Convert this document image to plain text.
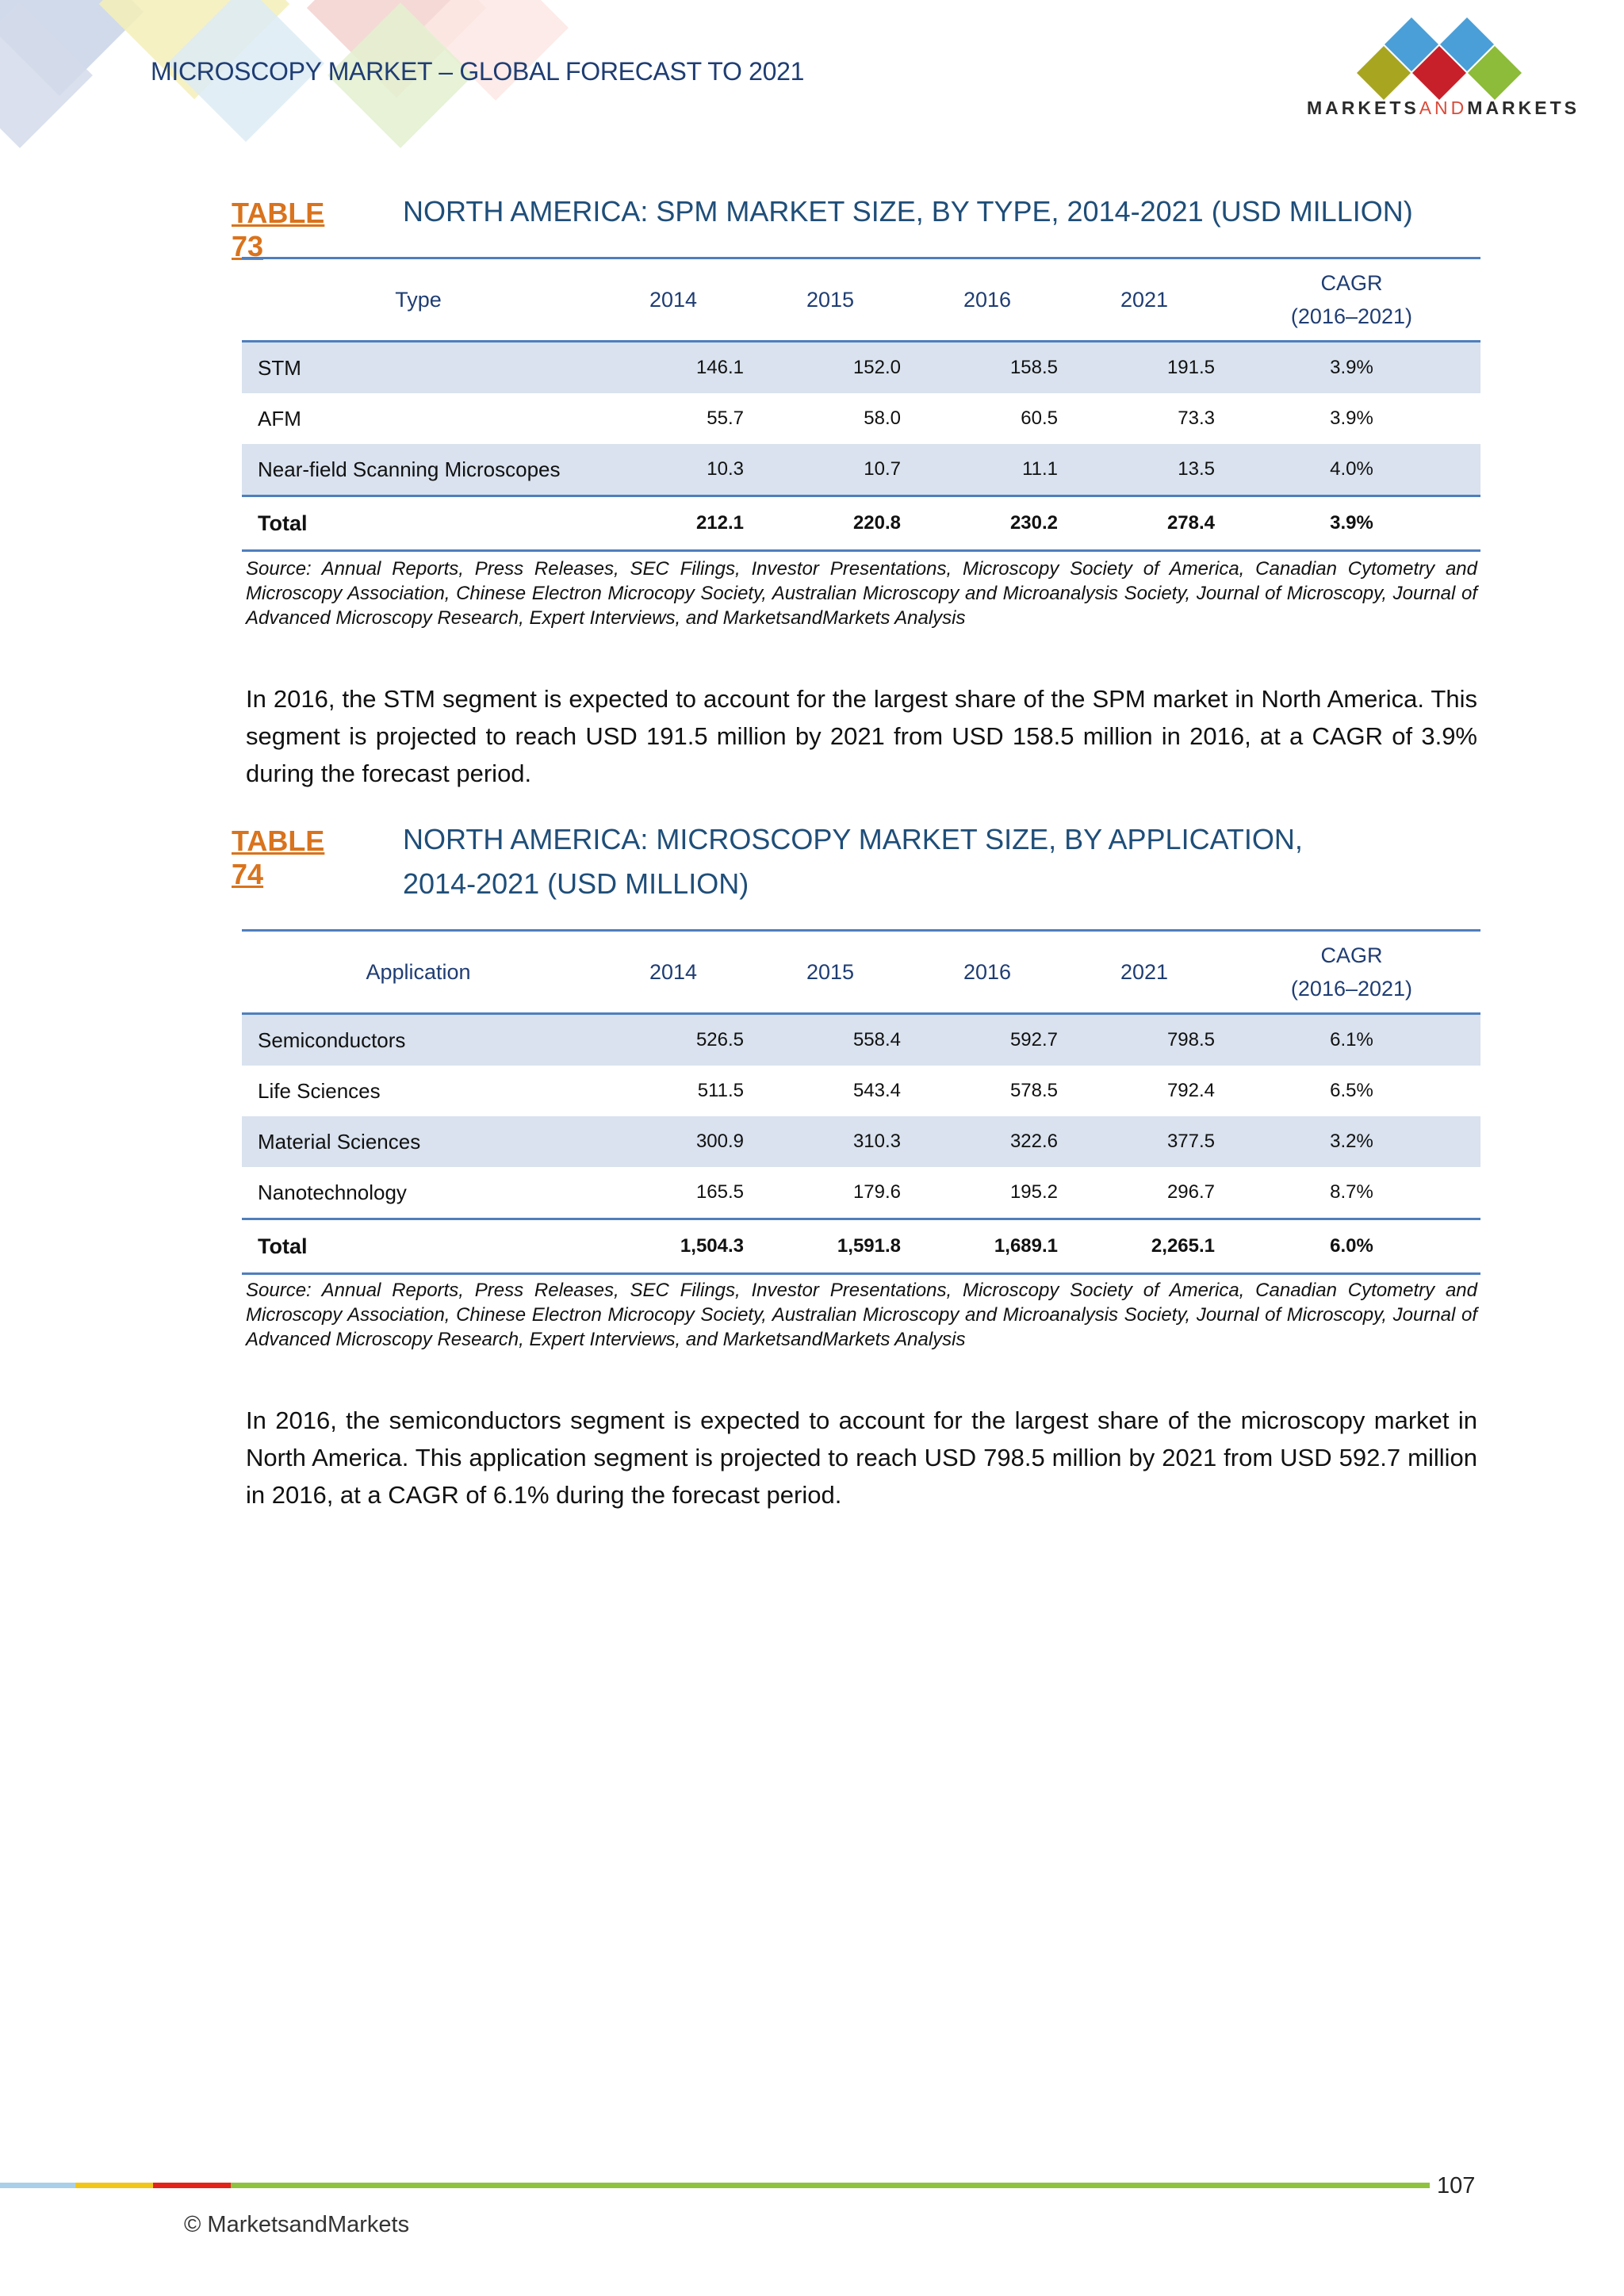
MICROSCOPY MARKET – GLOBAL FORECAST TO 2021
MARKETSANDMARKETS
TABLE 73
NORTH AMERICA: SPM MARKET SIZE, BY TYPE, 2014-2021 (USD MILLION)
Type	2014	2015	2016	2021	CAGR
(2016–2021)
STM	146.1	152.0	158.5	191.5	3.9%
AFM	55.7	58.0	60.5	73.3	3.9%
Near-field Scanning Microscopes	10.3	10.7	11.1	13.5	4.0%
Total	212.1	220.8	230.2	278.4	3.9%
Source: Annual Reports, Press Releases, SEC Filings, Investor Presentations, Microscopy Society of America, Canadian Cytometry and Microscopy Association, Chinese Electron Microcopy Society, Australian Microscopy and Microanalysis Society, Journal of Microscopy, Journal of Advanced Microscopy Research, Expert Interviews, and MarketsandMarkets Analysis
In 2016, the STM segment is expected to account for the largest share of the SPM market in North America. This segment is projected to reach USD 191.5 million by 2021 from USD 158.5 million in 2016, at a CAGR of 3.9% during the forecast period.
TABLE 74
NORTH AMERICA: MICROSCOPY MARKET SIZE, BY APPLICATION,
2014-2021 (USD MILLION)
Application	2014	2015	2016	2021	CAGR
(2016–2021)
Semiconductors	526.5	558.4	592.7	798.5	6.1%
Life Sciences	511.5	543.4	578.5	792.4	6.5%
Material Sciences	300.9	310.3	322.6	377.5	3.2%
Nanotechnology	165.5	179.6	195.2	296.7	8.7%
Total	1,504.3	1,591.8	1,689.1	2,265.1	6.0%
Source: Annual Reports, Press Releases, SEC Filings, Investor Presentations, Microscopy Society of America, Canadian Cytometry and Microscopy Association, Chinese Electron Microcopy Society, Australian Microscopy and Microanalysis Society, Journal of Microscopy, Journal of Advanced Microscopy Research, Expert Interviews, and MarketsandMarkets Analysis
In 2016, the semiconductors segment is expected to account for the largest share of the microscopy market in North America. This application segment is projected to reach USD 798.5 million by 2021 from USD 592.7 million in 2016, at a CAGR of 6.1% during the forecast period.
107
© MarketsandMarkets
